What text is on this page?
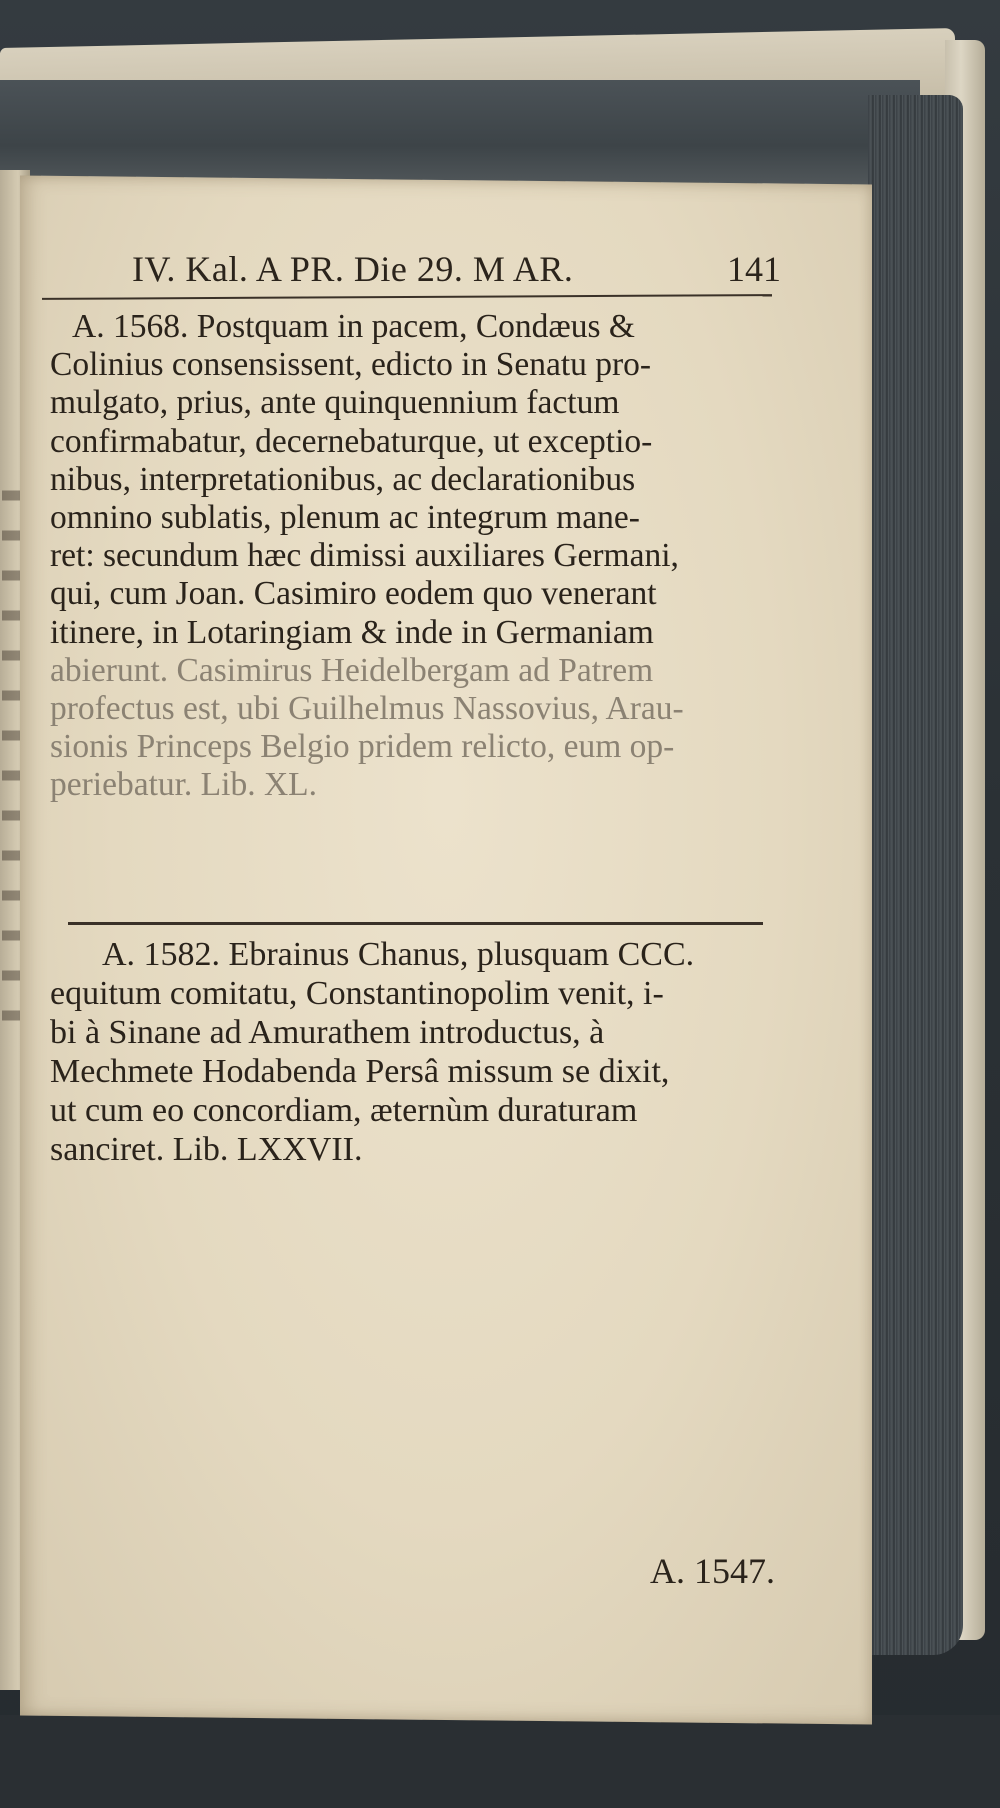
IV. Kal. A PR. Die 29. M AR.	141
A. 1568. Postquam in pacem, Condæus &
Colinius consensissent, edicto in Senatu pro-
mulgato, prius, ante quinquennium factum
confirmabatur, decernebaturque, ut exceptio-
nibus, interpretationibus, ac declarationibus
omnino sublatis, plenum ac integrum mane-
ret: secundum hæc dimissi auxiliares Germani,
qui, cum Joan. Casimiro eodem quo venerant
itinere, in Lotaringiam & inde in Germaniam
abierunt. Casimirus Heidelbergam ad Patrem
profectus est, ubi Guilhelmus Nassovius, Arau-
sionis Princeps Belgio pridem relicto, eum op-
periebatur. Lib. XL.
A. 1582. Ebrainus Chanus, plusquam CCC.
equitum comitatu, Constantinopolim venit, i-
bi à Sinane ad Amurathem introductus, à
Mechmete Hodabenda Persâ missum se dixit,
ut cum eo concordiam, æternùm duraturam
sanciret. Lib. LXXVII.
A. 1547.
